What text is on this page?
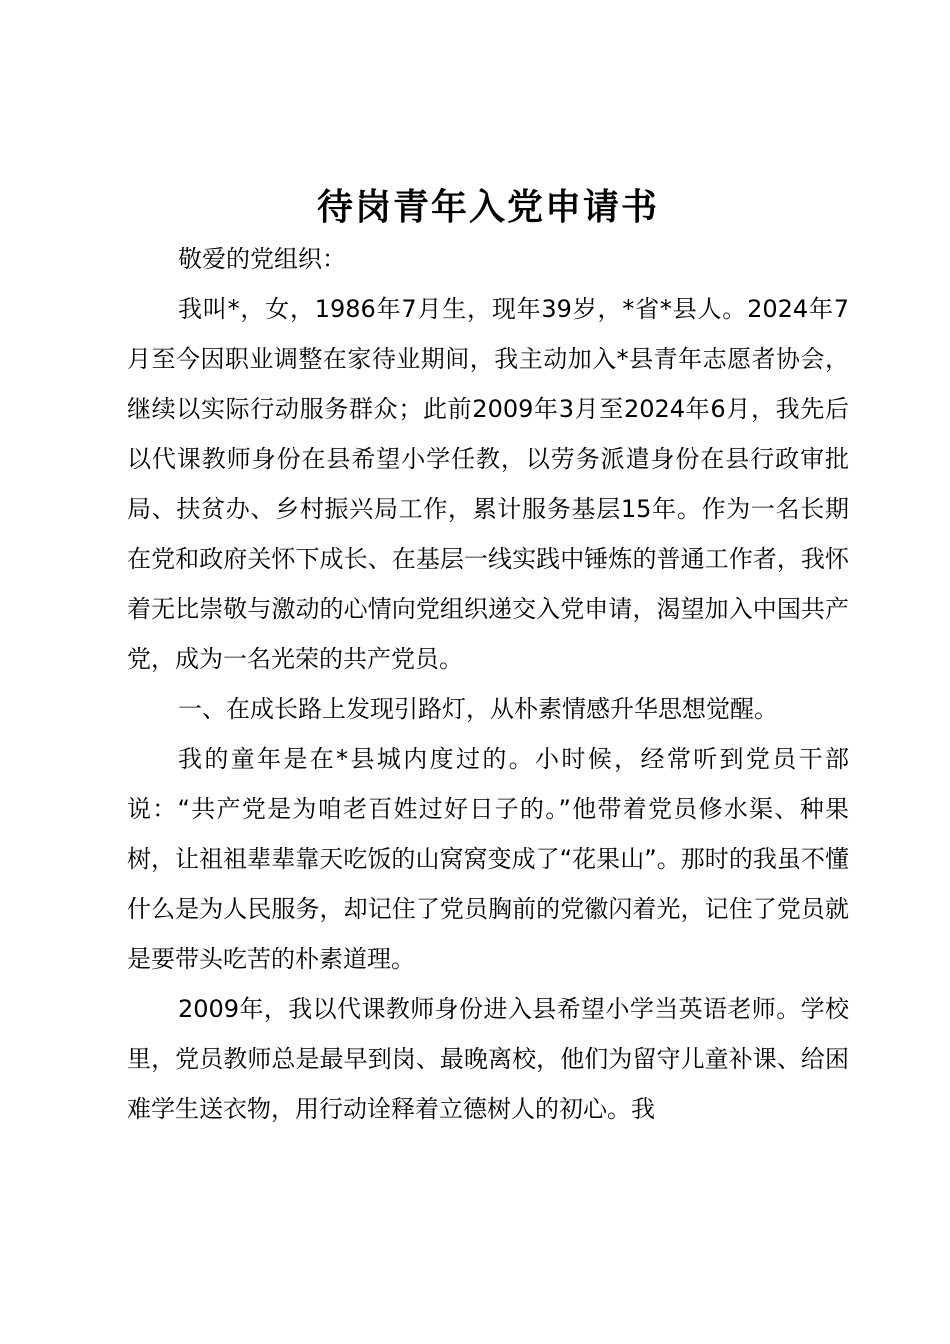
待岗青年入党申请书

敬爱的党组织：

我叫*，女，1986年7月生，现年39岁，*省*县人。2024年7月至今因职业调整在家待业期间，我主动加入*县青年志愿者协会，继续以实际行动服务群众；此前2009年3月至2024年6月，我先后以代课教师身份在县希望小学任教，以劳务派遣身份在县行政审批局、扶贫办、乡村振兴局工作，累计服务基层15年。作为一名长期在党和政府关怀下成长、在基层一线实践中锤炼的普通工作者，我怀着无比崇敬与激动的心情向党组织递交入党申请，渴望加入中国共产党，成为一名光荣的共产党员。

一、在成长路上发现引路灯，从朴素情感升华思想觉醒。

我的童年是在*县城内度过的。小时候，经常听到党员干部说：“共产党是为咱老百姓过好日子的。”他带着党员修水渠、种果树，让祖祖辈辈靠天吃饭的山窝窝变成了“花果山”。那时的我虽不懂什么是为人民服务，却记住了党员胸前的党徽闪着光，记住了党员就是要带头吃苦的朴素道理。

2009年，我以代课教师身份进入县希望小学当英语老师。学校里，党员教师总是最早到岗、最晚离校，他们为留守儿童补课、给困难学生送衣物，用行动诠释着立德树人的初心。我
